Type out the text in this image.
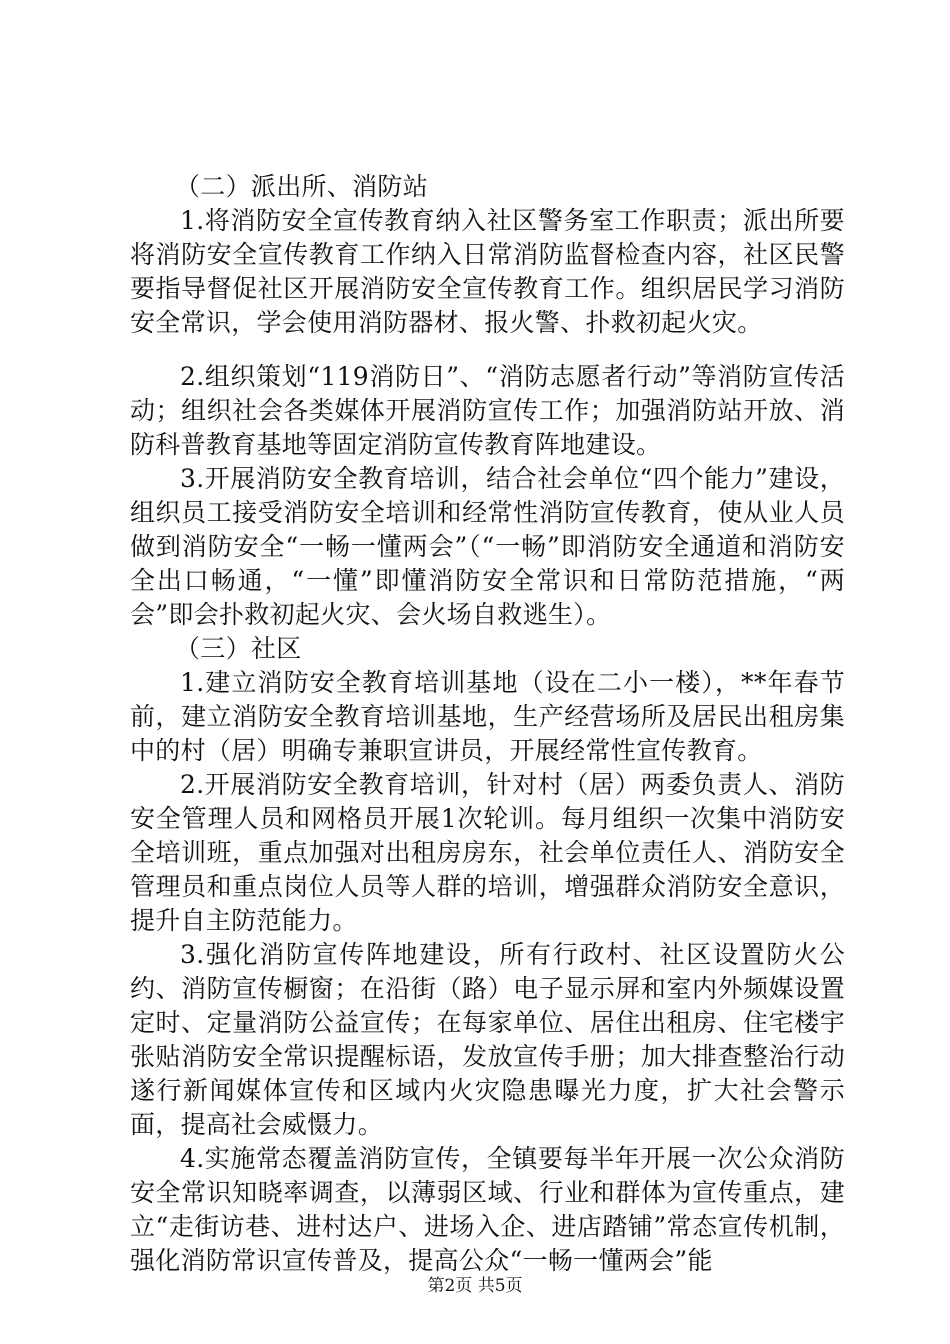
（二）派出所、消防站

1.将消防安全宣传教育纳入社区警务室工作职责；派出所要将消防安全宣传教育工作纳入日常消防监督检查内容，社区民警要指导督促社区开展消防安全宣传教育工作。组织居民学习消防安全常识，学会使用消防器材、报火警、扑救初起火灾。

2.组织策划“119消防日”、“消防志愿者行动”等消防宣传活动；组织社会各类媒体开展消防宣传工作；加强消防站开放、消防科普教育基地等固定消防宣传教育阵地建设。

3.开展消防安全教育培训，结合社会单位“四个能力”建设，组织员工接受消防安全培训和经常性消防宣传教育，使从业人员做到消防安全“一畅一懂两会”（“一畅”即消防安全通道和消防安全出口畅通，“一懂”即懂消防安全常识和日常防范措施，“两会”即会扑救初起火灾、会火场自救逃生）。

（三）社区

1.建立消防安全教育培训基地（设在二小一楼），**年春节前，建立消防安全教育培训基地，生产经营场所及居民出租房集中的村（居）明确专兼职宣讲员，开展经常性宣传教育。

2.开展消防安全教育培训，针对村（居）两委负责人、消防安全管理人员和网格员开展1次轮训。每月组织一次集中消防安全培训班，重点加强对出租房房东，社会单位责任人、消防安全管理员和重点岗位人员等人群的培训，增强群众消防安全意识，提升自主防范能力。

3.强化消防宣传阵地建设，所有行政村、社区设置防火公约、消防宣传橱窗；在沿街（路）电子显示屏和室内外频媒设置定时、定量消防公益宣传；在每家单位、居住出租房、住宅楼宇张贴消防安全常识提醒标语，发放宣传手册；加大排查整治行动遂行新闻媒体宣传和区域内火灾隐患曝光力度，扩大社会警示面，提高社会威慑力。

4.实施常态覆盖消防宣传，全镇要每半年开展一次公众消防安全常识知晓率调查，以薄弱区域、行业和群体为宣传重点，建立“走街访巷、进村达户、进场入企、进店踏铺”常态宣传机制，强化消防常识宣传普及，提高公众“一畅一懂两会”能

第2页 共5页
